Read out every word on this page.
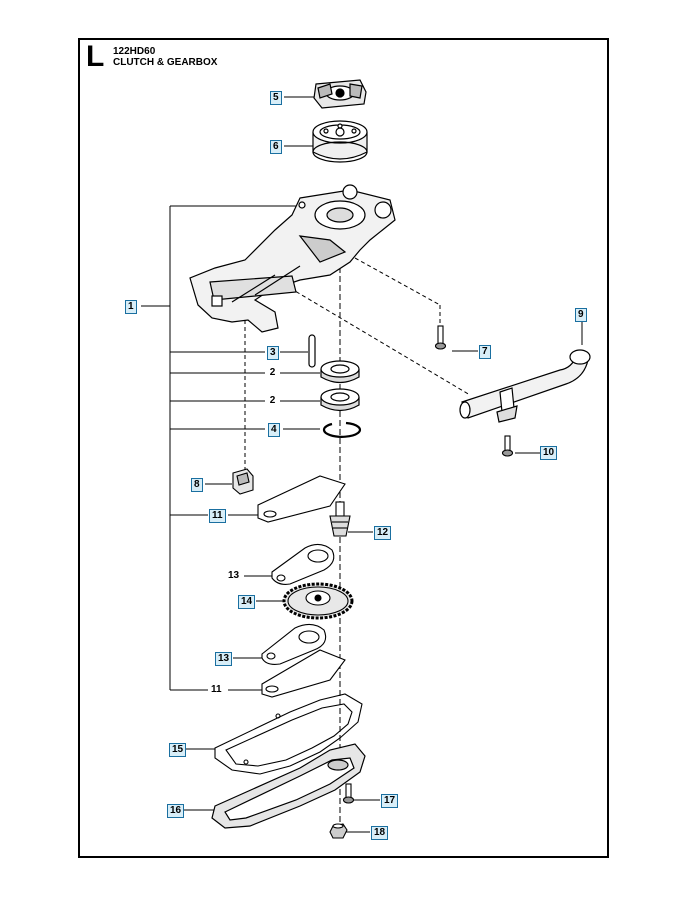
L 122HD60
CLUTCH & GEARBOX
1
2
2
3
4
5
6
7
8
9
10
11
11
12
13
13
14
15
16
17
18
